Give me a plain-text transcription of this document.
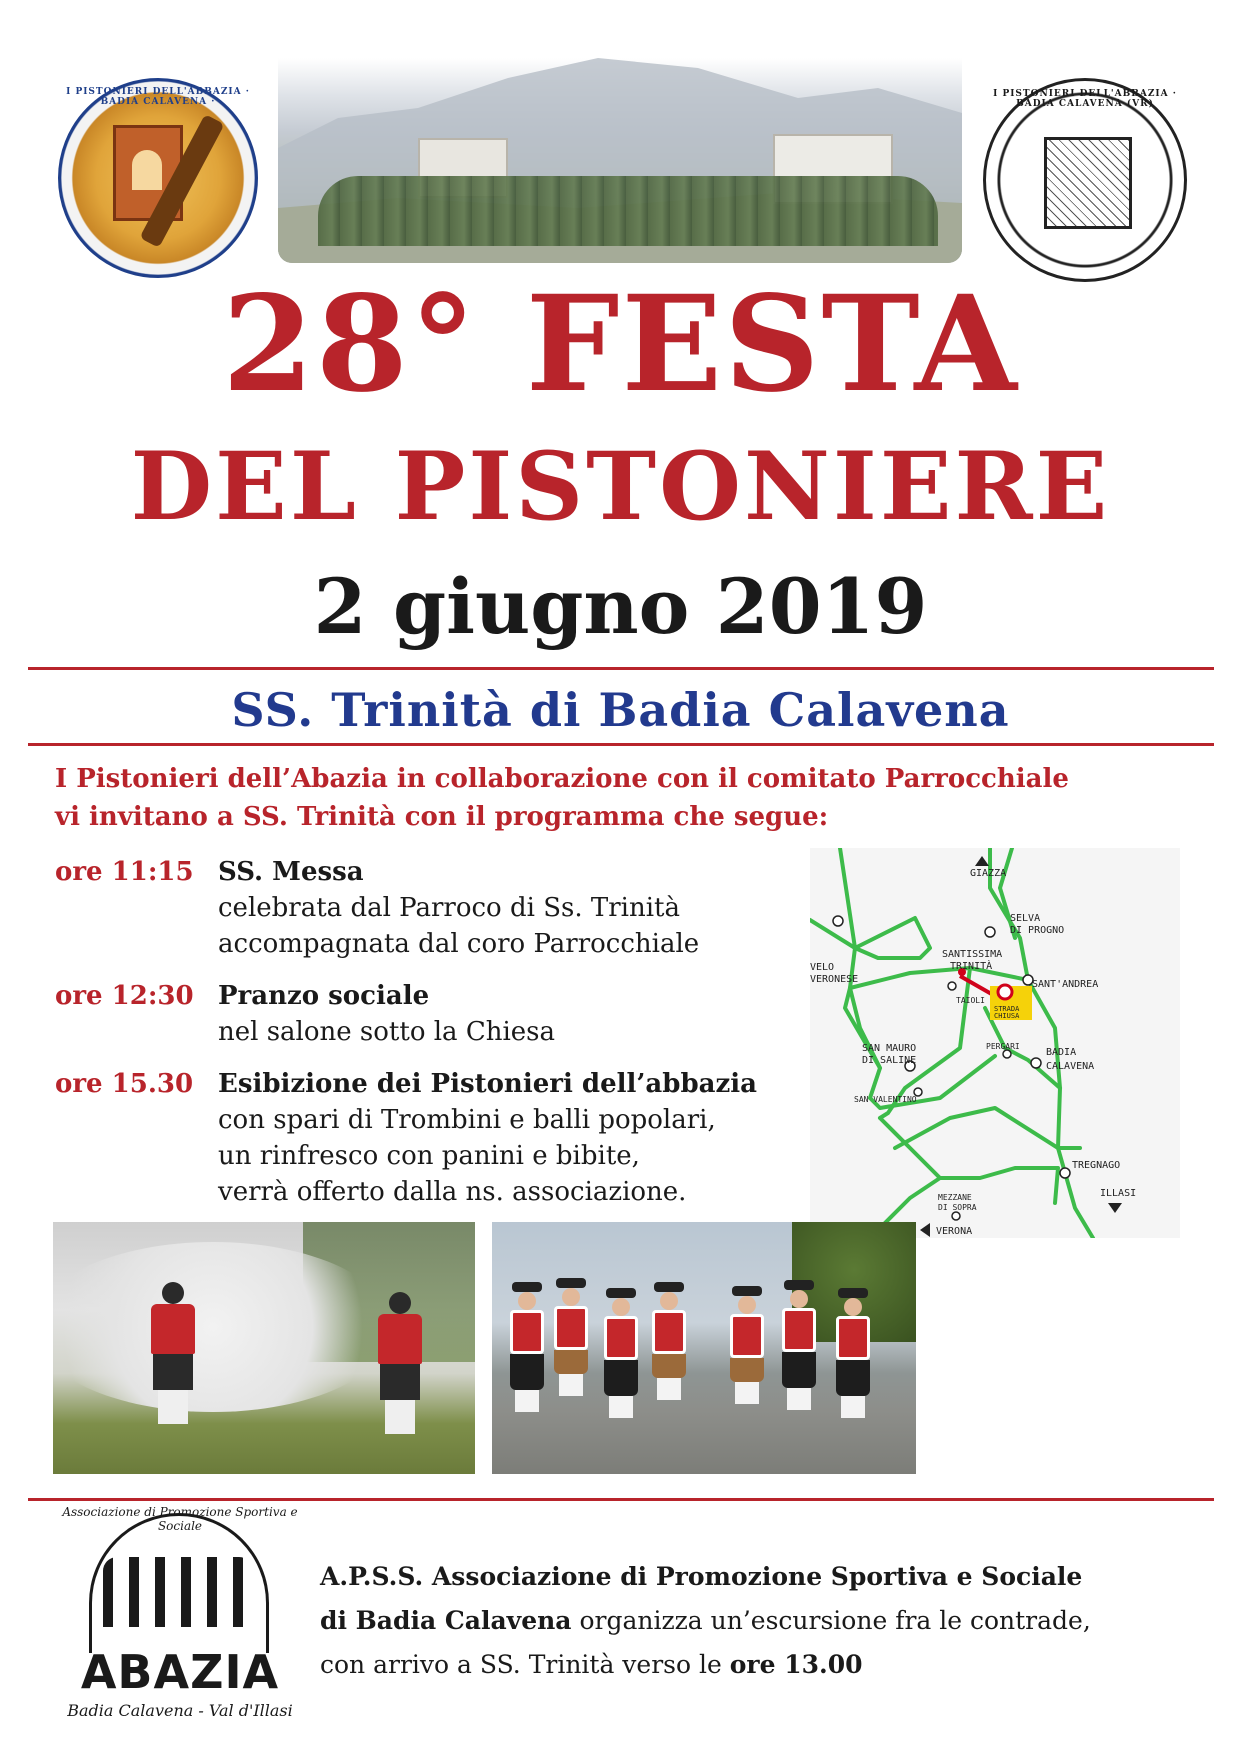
I PISTONIERI DELL'ABBAZIA · BADIA CALAVENA ·
I PISTONIERI DELL'ABBAZIA · BADIA CALAVENA (VR)
28° FESTA
DEL PISTONIERE
2 giugno 2019
SS. Trinità di Badia Calavena
I Pistonieri dell’Abazia in collaborazione con il comitato Parrocchiale
vi invitano a SS. Trinità con il programma che segue:
ore 11:15 SS. Messa
celebrata dal Parroco di Ss. Trinità
accompagnata dal coro Parrocchiale
ore 12:30 Pranzo sociale
nel salone sotto la Chiesa
ore 15.30 Esibizione dei Pistonieri dell’abbazia
con spari di Trombini e balli popolari,
un rinfresco con panini e bibite,
verrà offerto dalla ns. associazione.
GIAZZA
SELVA
DI PROGNO
VELO
VERONESE
SANTISSIMA
TRINITÀ
SANT'ANDREA
TAIOLI
STRADA
CHIUSA
PERGARI
SAN MAURO
DI SALINE
BADIA
CALAVENA
SAN VALENTINO
TREGNAGO
ILLASI
MEZZANE
DI SOPRA
VERONA
Associazione di Promozione Sportiva e Sociale
ABAZIA
Badia Calavena - Val d'Illasi
A.P.S.S. Associazione di Promozione Sportiva e Sociale
di Badia Calavena organizza un’escursione fra le contrade,
con arrivo a SS. Trinità verso le ore 13.00
